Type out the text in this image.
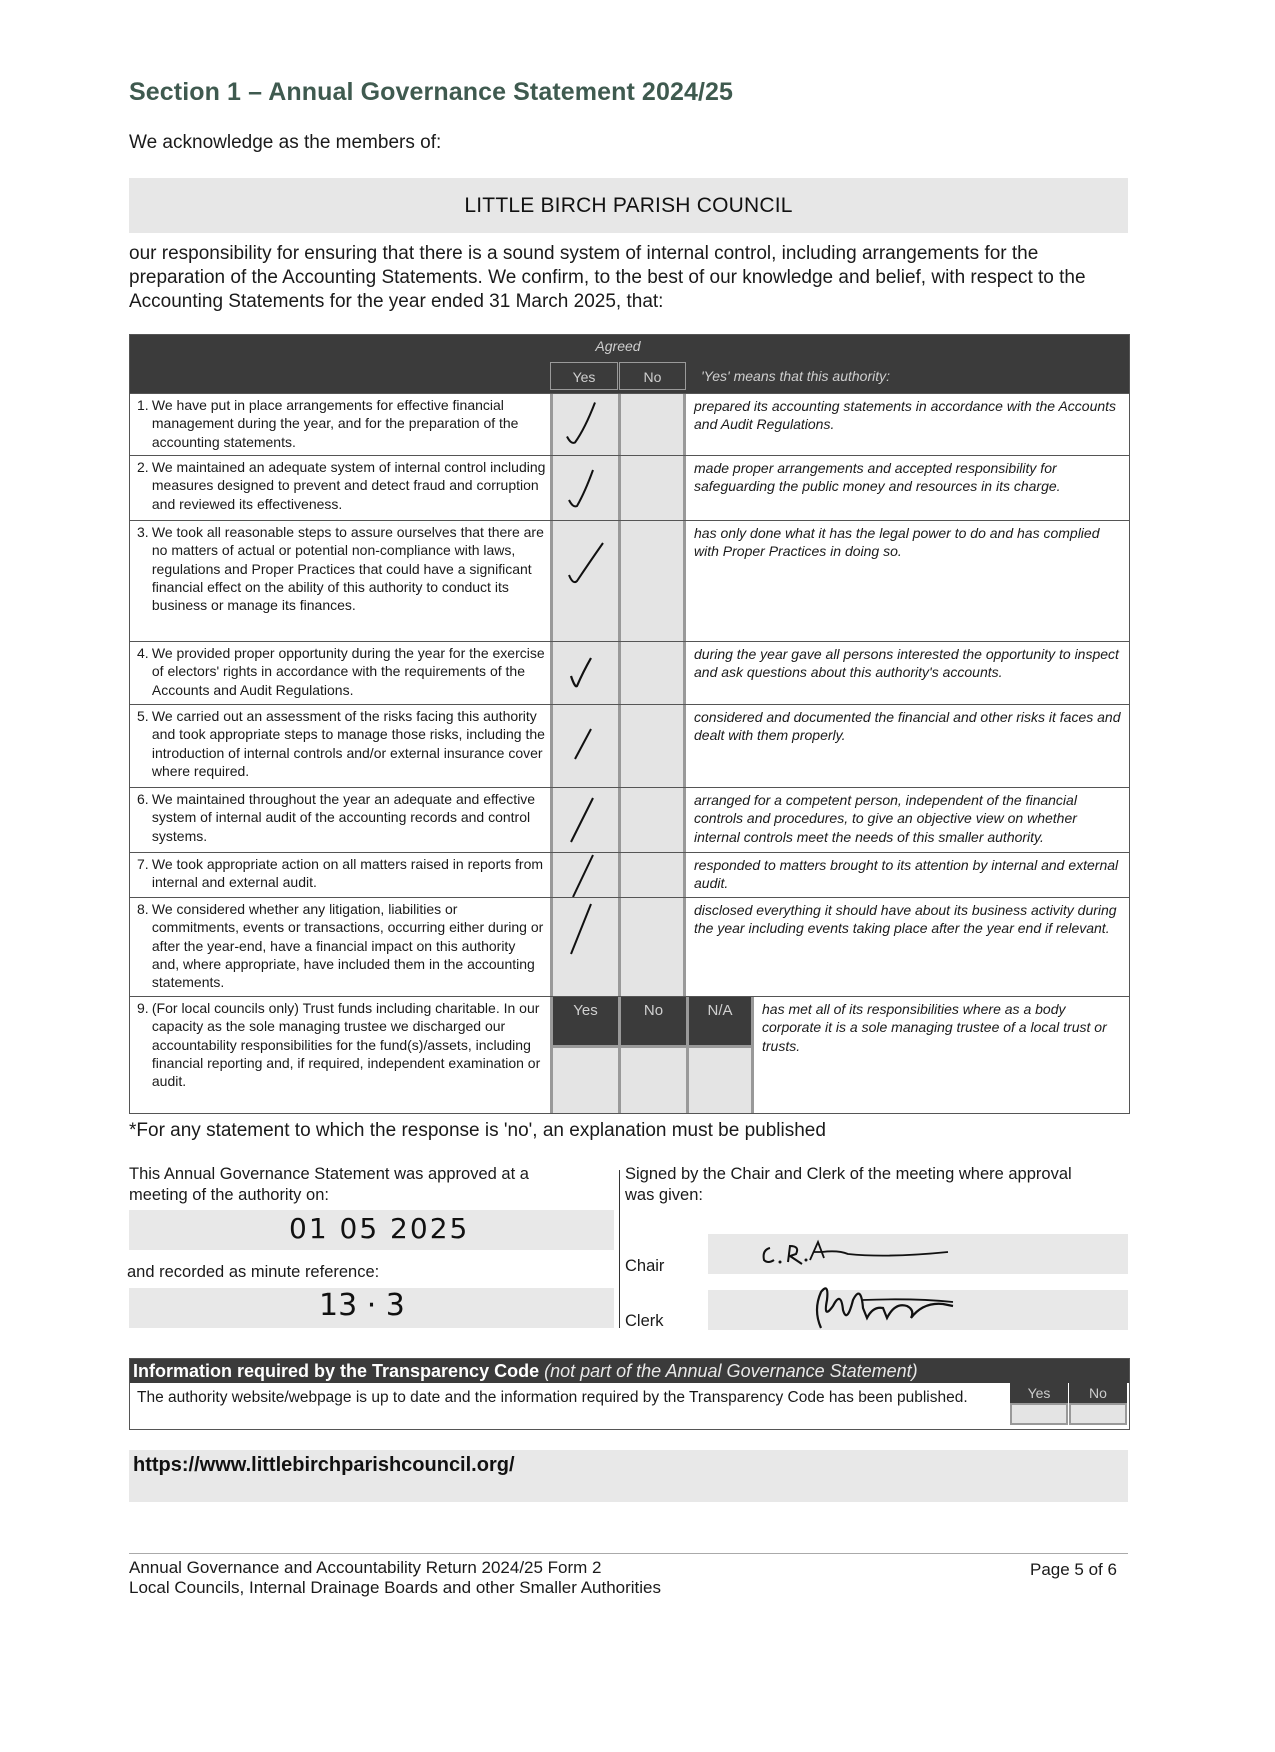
Section 1 – Annual Governance Statement 2024/25
We acknowledge as the members of:
LITTLE BIRCH PARISH COUNCIL
our responsibility for ensuring that there is a sound system of internal control, including arrangements for the preparation of the Accounting Statements. We confirm, to the best of our knowledge and belief, with respect to the Accounting Statements for the year ended 31 March 2025, that:
Agreed
Yes	No	'Yes' means that this authority:
1.
We have put in place arrangements for effective financial management during the year, and for the preparation of the accounting statements.
prepared its accounting statements in accordance with the Accounts and Audit Regulations.
2.
We maintained an adequate system of internal control including measures designed to prevent and detect fraud and corruption and reviewed its effectiveness.
made proper arrangements and accepted responsibility for safeguarding the public money and resources in its charge.
3.
We took all reasonable steps to assure ourselves that there are no matters of actual or potential non-compliance with laws, regulations and Proper Practices that could have a significant financial effect on the ability of this authority to conduct its business or manage its finances.
has only done what it has the legal power to do and has complied with Proper Practices in doing so.
4.
We provided proper opportunity during the year for the exercise of electors' rights in accordance with the requirements of the Accounts and Audit Regulations.
during the year gave all persons interested the opportunity to inspect and ask questions about this authority's accounts.
5.
We carried out an assessment of the risks facing this authority and took appropriate steps to manage those risks, including the introduction of internal controls and/or external insurance cover where required.
considered and documented the financial and other risks it faces and dealt with them properly.
6.
We maintained throughout the year an adequate and effective system of internal audit of the accounting records and control systems.
arranged for a competent person, independent of the financial controls and procedures, to give an objective view on whether internal controls meet the needs of this smaller authority.
7.
We took appropriate action on all matters raised in reports from internal and external audit.
responded to matters brought to its attention by internal and external audit.
8.
We considered whether any litigation, liabilities or commitments, events or transactions, occurring either during or after the year-end, have a financial impact on this authority and, where appropriate, have included them in the accounting statements.
disclosed everything it should have about its business activity during the year including events taking place after the year end if relevant.
9.
(For local councils only) Trust funds including charitable. In our capacity as the sole managing trustee we discharged our accountability responsibilities for the fund(s)/assets, including financial reporting and, if required, independent examination or audit.
Yes	No	N/A	has met all of its responsibilities where as a body corporate it is a sole managing trustee of a local trust or trusts.
*For any statement to which the response is 'no', an explanation must be published
This Annual Governance Statement was approved at a meeting of the authority on:
Signed by the Chair and Clerk of the meeting where approval was given:
01 05 2025
and recorded as minute reference:
13 · 3
Chair
Clerk
Information required by the Transparency Code (not part of the Annual Governance Statement)
The authority website/webpage is up to date and the information required by the Transparency Code has been published.	Yes	No
https://www.littlebirchparishcouncil.org/
Annual Governance and Accountability Return 2024/25 Form 2
Local Councils, Internal Drainage Boards and other Smaller Authorities
Page 5 of 6
